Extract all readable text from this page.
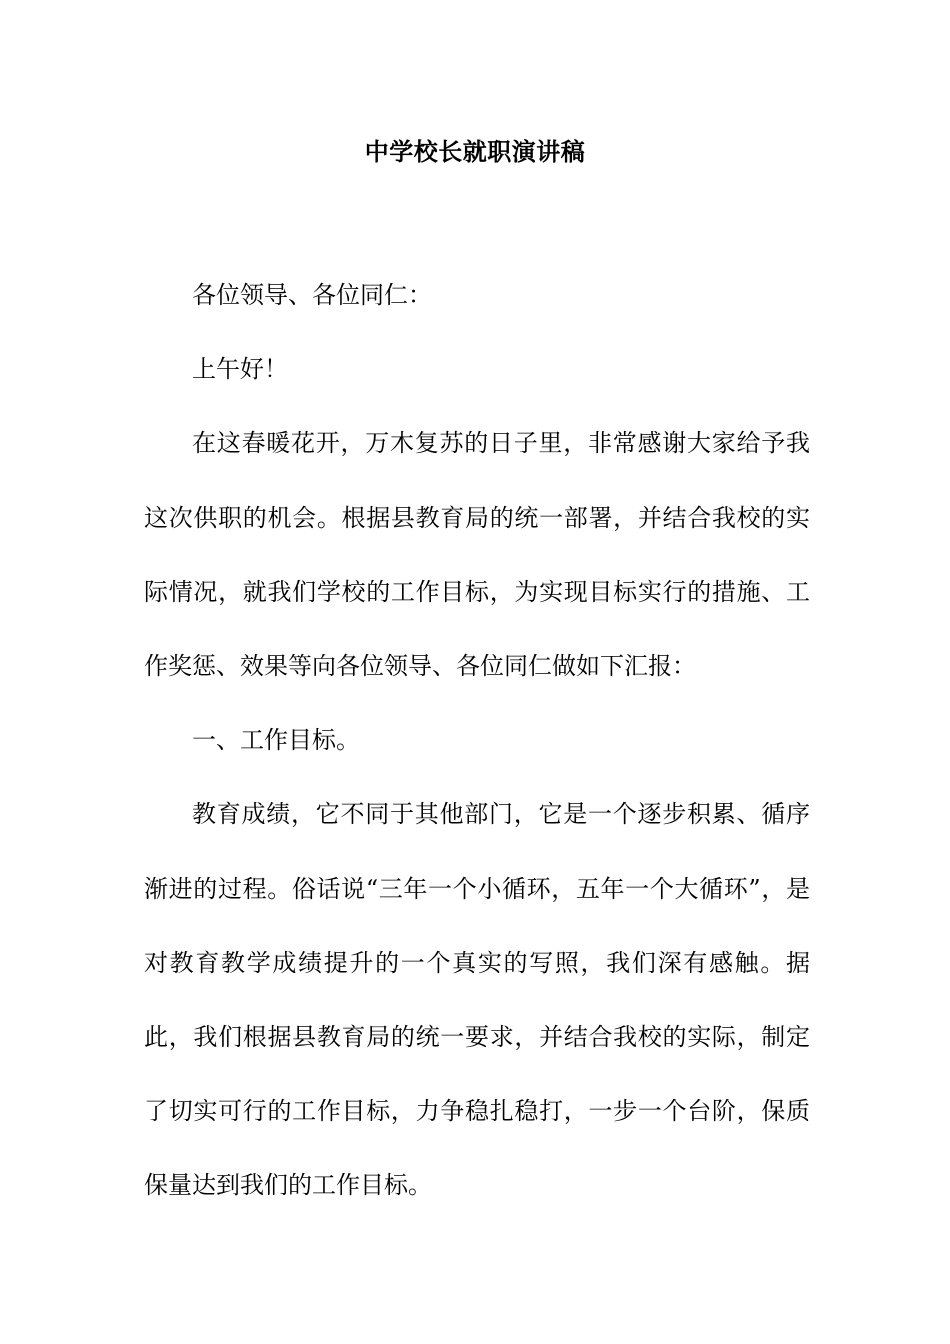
中学校长就职演讲稿

各位领导、各位同仁：

上午好！

在这春暖花开，万木复苏的日子里，非常感谢大家给予我这次供职的机会。根据县教育局的统一部署，并结合我校的实际情况，就我们学校的工作目标，为实现目标实行的措施、工作奖惩、效果等向各位领导、各位同仁做如下汇报：

一、工作目标。

教育成绩，它不同于其他部门，它是一个逐步积累、循序渐进的过程。俗话说“三年一个小循环，五年一个大循环”，是对教育教学成绩提升的一个真实的写照，我们深有感触。据此，我们根据县教育局的统一要求，并结合我校的实际，制定了切实可行的工作目标，力争稳扎稳打，一步一个台阶，保质保量达到我们的工作目标。
